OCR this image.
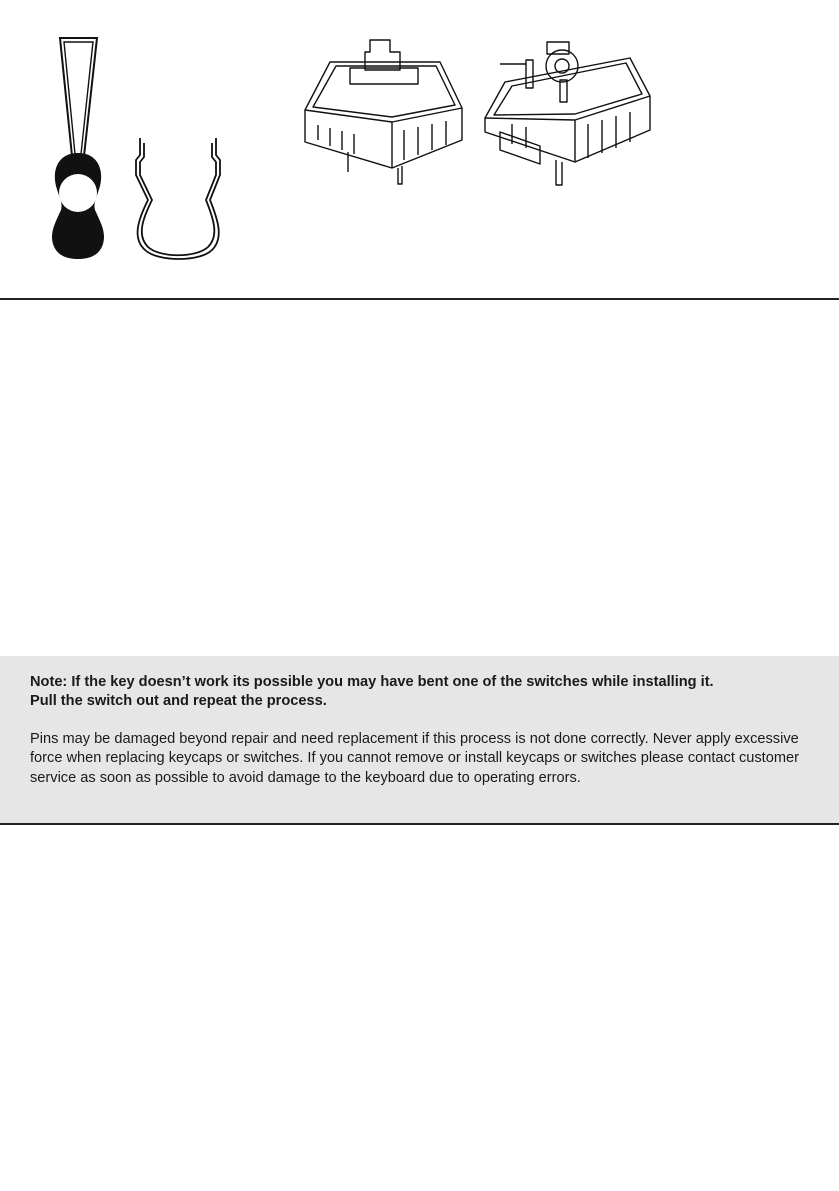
Note: If the key doesn’t work its possible you may have bent one of the switches while installing it.
Pull the switch out and repeat the process.

Pins may be damaged beyond repair and need replacement if this process is not done correctly. Never apply excessive force when replacing keycaps or switches. If you cannot remove or install keycaps or switches please contact customer service as soon as possible to avoid damage to the keyboard due to operating errors.
